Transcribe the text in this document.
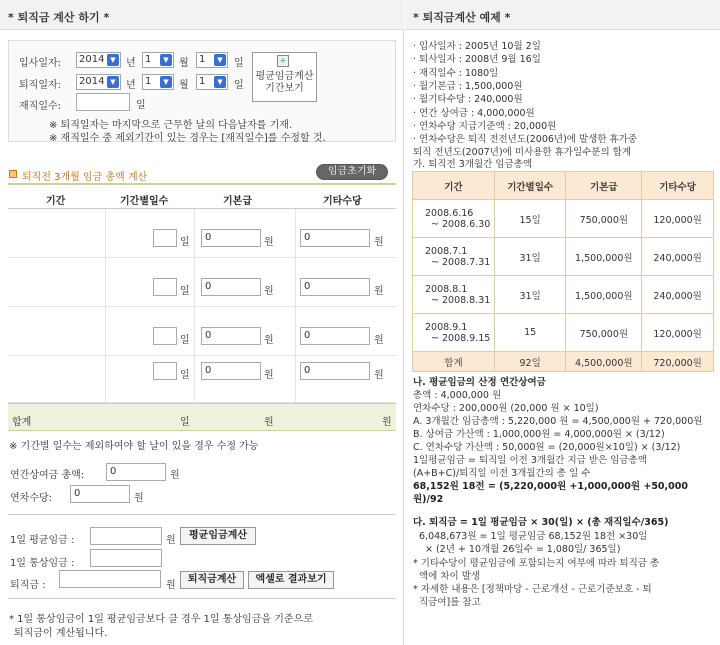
* 퇴직금 계산 하기 *
입사일자:	2014 ▼	년 1	▼	월	1	▼	일
퇴직일자:	2014 ▼	년 1	▼	월	1	▼	일
재직일수:	일
+
평균임금계산
기간보기
※ 퇴직일자는 마지막으로 근무한 날의 다음날자를 기재.
※ 재직일수 중 제외기간이 있는 경우는 [재직일수]를 수정할 것.
퇴직전 3개월 임금 총액 계산
임금초기화
기간	기간별일수	기본급	기타수당
일	0	원	0	원
일	0	원	0	원
일	0	원	0	원
일	0	원	0	원
합계	일	원	원
※ 기간별 일수는 제외하여야 할 날이 있을 경우 수정 가능
연간상여금 총액:	0	원
연차수당:	0	원
1일 평균임금 :	원	평균임금계산
1일 통상임금 :
퇴직금 :	원
퇴직금계산	엑셀로 결과보기
* 1일 통상임금이 1일 평균임금보다 클 경우 1일 통상임금을 기준으로
퇴직금이 계산됩니다.
* 퇴직금계산 예제 *
· 입사일자 : 2005년 10월 2일
· 퇴사일자 : 2008년 9월 16일
· 재직일수 : 1080일
· 월기본급 : 1,500,000원
· 월기타수당 : 240,000원
· 연간 상여금 : 4,000,000원
· 연차수당 지급기준액 : 20,000원
· 연차수당은 퇴직 전전년도(2006년)에 발생한 휴가중
퇴직 전년도(2007년)에 미사용한 휴가일수분의 합계
가. 퇴직전 3개월간 임금총액
기간	기간별일수	기본급	기타수당

2008.6.16
~ 2008.6.30	15일	750,000원	120,000원

2008.7.1
~ 2008.7.31	31일	1,500,000원	240,000원

2008.8.1
~ 2008.8.31	31일	1,500,000원	240,000원

2008.9.1
~ 2008.9.15	15	750,000원	120,000원
합계	92일	4,500,000원	720,000원
나. 평균임금의 산정 연간상여금
총액 : 4,000,000 원
연차수당 : 200,000원 (20,000 원 × 10일)
A. 3개월간 임금총액 : 5,220,000 원 = 4,500,000원 + 720,000원
B. 상여금 가산액 : 1,000,000원 = 4,000,000원 × (3/12)
C. 연차수당 가산액 : 50,000원 = (20,000원×10일) × (3/12)
1일평균임금 = 퇴직일 이전 3개월간 지급 받은 임금총액
(A+B+C)/퇴직일 이전 3개월간의 총 일 수
68,152원 18전 = (5,220,000원 +1,000,000원 +50,000
원)/92
다. 퇴직금 = 1일 평균임금 × 30(일) × (총 재직일수/365)
6,048,673원 = 1일 평균임금 68,152원 18전 ×30일
× (2년 + 10개월 26일수 = 1,080일/ 365일)
* 기타수당이 평균임금에 포함되는지 여부에 따라 퇴직금 총
액에 차이 발생
* 자세한 내용은 [정책마당 - 근로개선 - 근로기준보호 - 퇴
직금여]를 참고
